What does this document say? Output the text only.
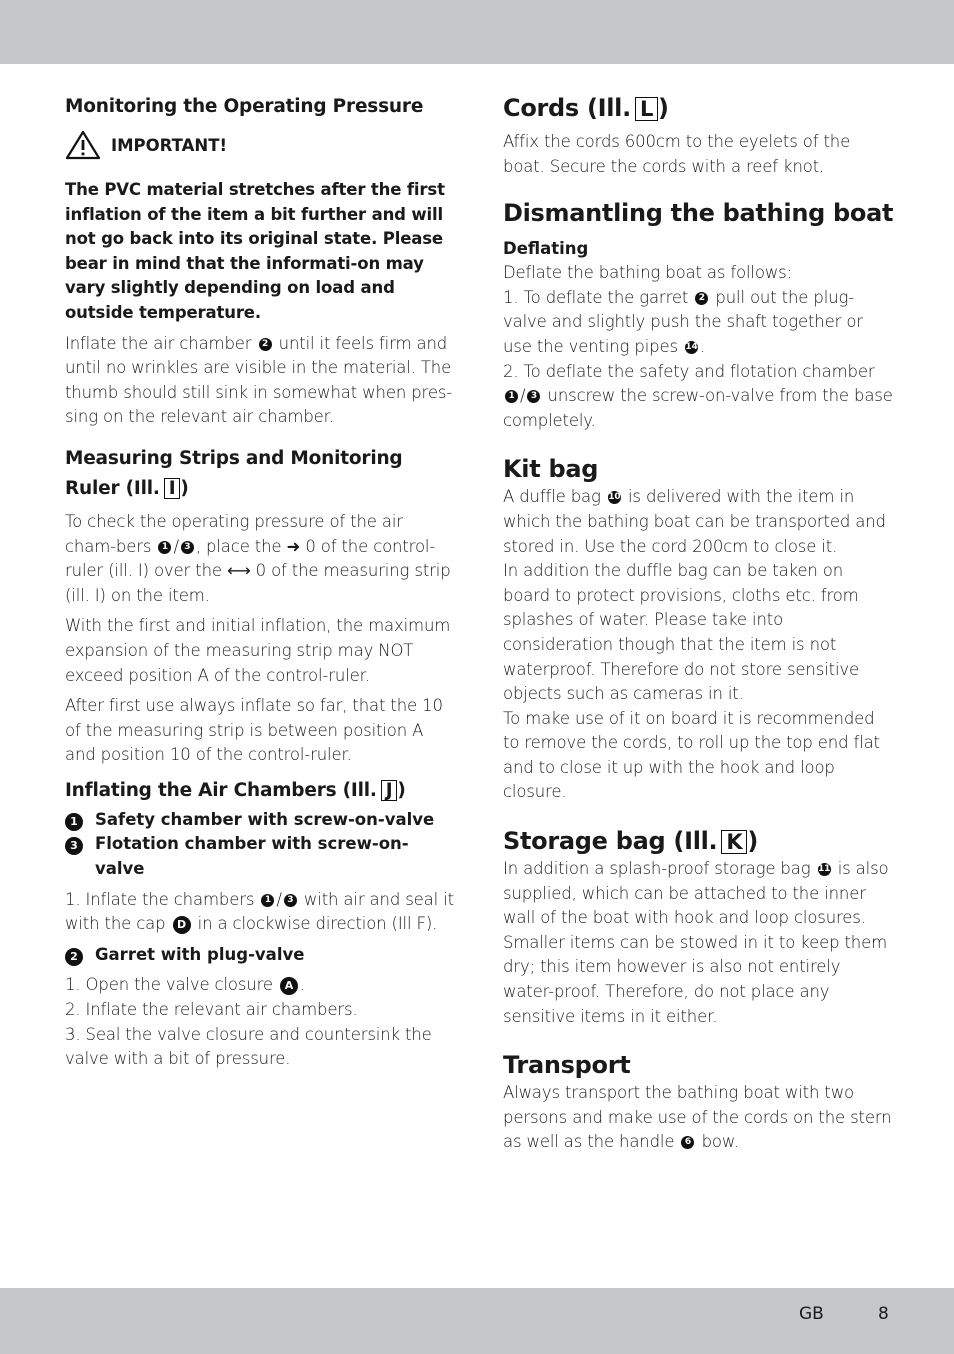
Monitoring the Operating Pressure
IMPORTANT!

The PVC material stretches after the first inflation of the item a bit further and will not go back into its original state. Please bear in mind that the informati-on may vary slightly depending on load and outside temperature.

Inflate the air chamber 2 until it feels firm and until no wrinkles are visible in the material. The thumb should still sink in somewhat when pres-sing on the relevant air chamber.

Measuring Strips and Monitoring Ruler (Ill. I )

To check the operating pressure of the air cham-bers 1 / 3 , place the ➜ 0 of the control-ruler (ill. I) over the ⟷ 0 of the measuring strip (ill. I) on the item.

With the first and initial inflation, the maximum expansion of the measuring strip may NOT exceed position A of the control-ruler.

After first use always inflate so far, that the 10 of the measuring strip is between position A and position 10 of the control-ruler.

Inflating the Air Chambers (Ill. J )
1	Safety chamber with screw-on-valve
3	Flotation chamber with screw-on-valve

1. Inflate the chambers 1 / 3 with air and seal it with the cap D in a clockwise direction (Ill F).

2	Garret with plug-valve

1. Open the valve closure A .

2. Inflate the relevant air chambers.

3. Seal the valve closure and countersink the valve with a bit of pressure.

Cords (Ill. L )

Affix the cords 600cm to the eyelets of the boat. Secure the cords with a reef knot.

Dismantling the bathing boat
Deflating

Deflate the bathing boat as follows:

1. To deflate the garret 2 pull out the plug-valve and slightly push the shaft together or use the venting pipes 14 .

2. To deflate the safety and flotation chamber 1 / 3 unscrew the screw-on-valve from the base completely.

Kit bag

A duffle bag 10 is delivered with the item in which the bathing boat can be transported and stored in. Use the cord 200cm to close it.

In addition the duffle bag can be taken on board to protect provisions, cloths etc. from splashes of water. Please take into consideration though that the item is not waterproof. Therefore do not store sensitive objects such as cameras in it.

To make use of it on board it is recommended to remove the cords, to roll up the top end flat and to close it up with the hook and loop closure.

Storage bag (Ill. K )

In addition a splash-proof storage bag 11 is also supplied, which can be attached to the inner wall of the boat with hook and loop closures. Smaller items can be stowed in it to keep them dry; this item however is also not entirely water-proof. Therefore, do not place any sensitive items in it either.

Transport

Always transport the bathing boat with two persons and make use of the cords on the stern as well as the handle 6 bow.

GB	8
